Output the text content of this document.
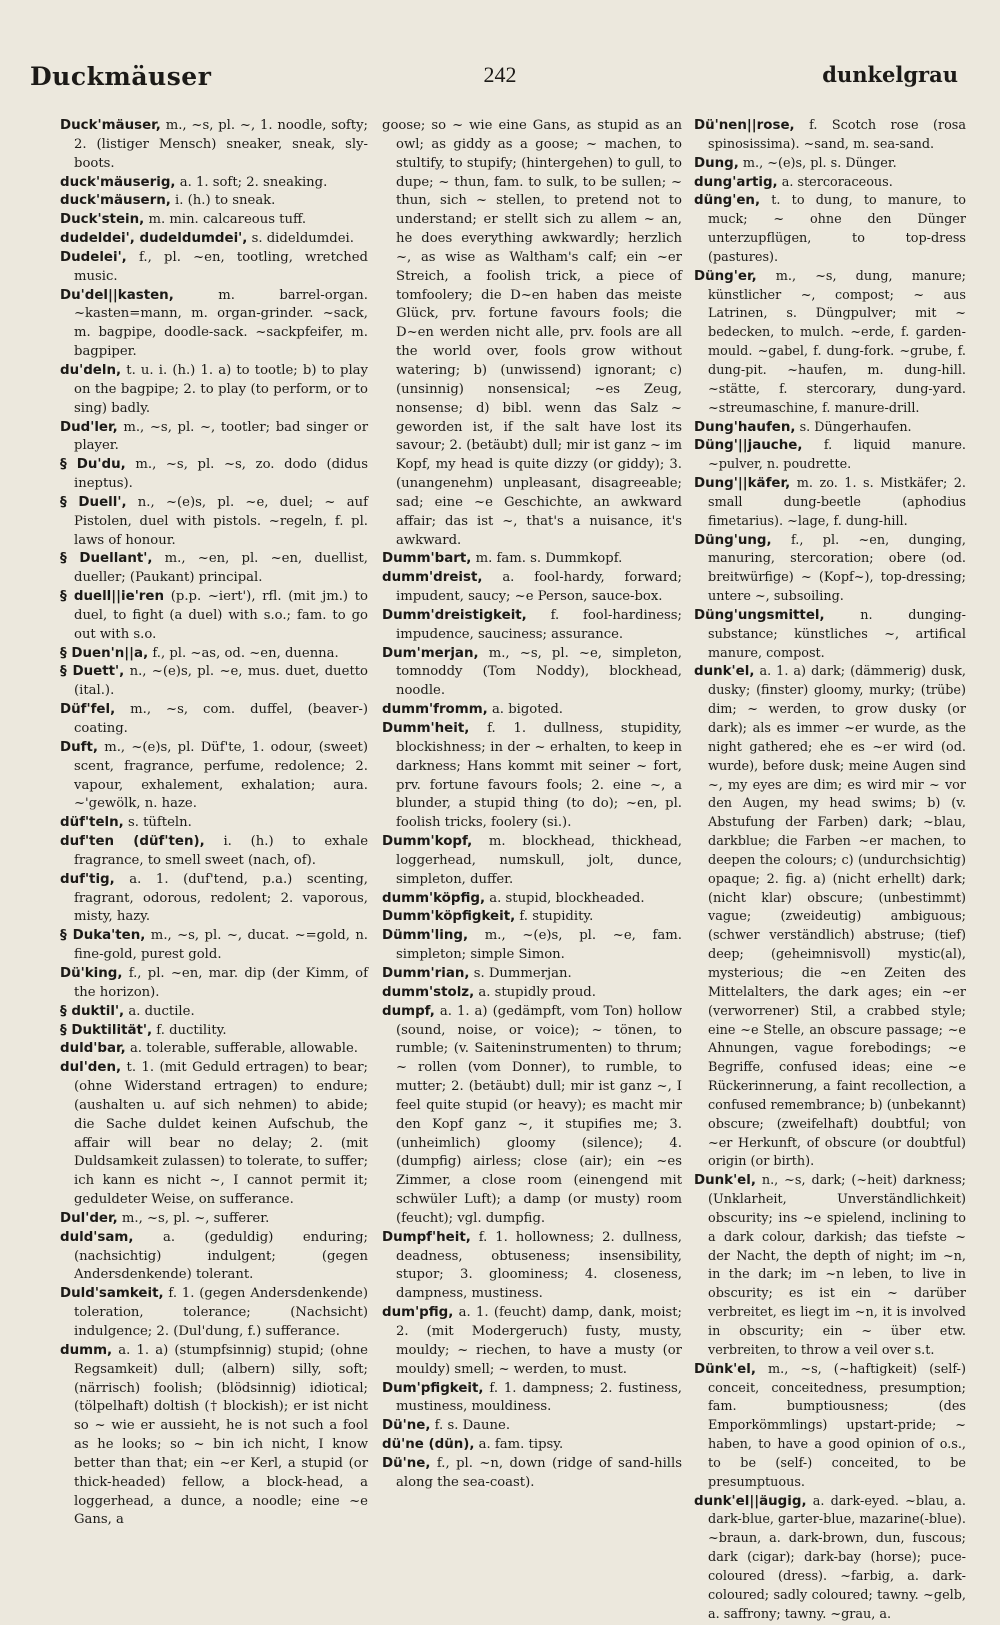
Duckmäuser	242	dunkelgrau

Duck'mäuser, m., ~s, pl. ~, 1. noodle, softy; 2. (listiger Mensch) sneaker, sneak, sly-boots.

duck'mäuserig, a. 1. soft; 2. sneaking.

duck'mäusern, i. (h.) to sneak.

Duck'stein, m. min. calcareous tuff.

dudeldei', dudeldumdei', s. dideldumdei.

Dudelei', f., pl. ~en, tootling, wretched music.

Du'del||kasten, m. barrel-organ. ~kasten=mann, m. organ-grinder. ~sack, m. bagpipe, doodle-sack. ~sackpfeifer, m. bagpiper.

du'deln, t. u. i. (h.) 1. a) to tootle; b) to play on the bagpipe; 2. to play (to perform, or to sing) badly.

Dud'ler, m., ~s, pl. ~, tootler; bad singer or player.

§ Du'du, m., ~s, pl. ~s, zo. dodo (didus ineptus).

§ Duell', n., ~(e)s, pl. ~e, duel; ~ auf Pistolen, duel with pistols. ~regeln, f. pl. laws of honour.

§ Duellant', m., ~en, pl. ~en, duellist, dueller; (Paukant) principal.

§ duell||ie'ren (p.p. ~iert'), rfl. (mit jm.) to duel, to fight (a duel) with s.o.; fam. to go out with s.o.

§ Duen'n||a, f., pl. ~as, od. ~en, duenna.

§ Duett', n., ~(e)s, pl. ~e, mus. duet, duetto (ital.).

Düf'fel, m., ~s, com. duffel, (beaver-) coating.

Duft, m., ~(e)s, pl. Düf'te, 1. odour, (sweet) scent, fragrance, perfume, redolence; 2. vapour, exhalement, exhalation; aura. ~'gewölk, n. haze.

düf'teln, s. tüfteln.

duf'ten (düf'ten), i. (h.) to exhale fragrance, to smell sweet (nach, of).

duf'tig, a. 1. (duf'tend, p.a.) scenting, fragrant, odorous, redolent; 2. vaporous, misty, hazy.

§ Duka'ten, m., ~s, pl. ~, ducat. ~=gold, n. fine-gold, purest gold.

Dü'king, f., pl. ~en, mar. dip (der Kimm, of the horizon).

§ duktil', a. ductile.

§ Duktilität', f. ductility.

duld'bar, a. tolerable, sufferable, allowable.

dul'den, t. 1. (mit Geduld ertragen) to bear; (ohne Widerstand ertragen) to endure; (aushalten u. auf sich nehmen) to abide; die Sache duldet keinen Aufschub, the affair will bear no delay; 2. (mit Duldsamkeit zulassen) to tolerate, to suffer; ich kann es nicht ~, I cannot permit it; geduldeter Weise, on sufferance.

Dul'der, m., ~s, pl. ~, sufferer.

duld'sam, a. (geduldig) enduring; (nachsichtig) indulgent; (gegen Andersdenkende) tolerant.

Duld'samkeit, f. 1. (gegen Andersdenkende) toleration, tolerance; (Nachsicht) indulgence; 2. (Dul'dung, f.) sufferance.

dumm, a. 1. a) (stumpfsinnig) stupid; (ohne Regsamkeit) dull; (albern) silly, soft; (närrisch) foolish; (blödsinnig) idiotical; (tölpelhaft) doltish († blockish); er ist nicht so ~ wie er aussieht, he is not such a fool as he looks; so ~ bin ich nicht, I know better than that; ein ~er Kerl, a stupid (or thick-headed) fellow, a block-head, a loggerhead, a dunce, a noodle; eine ~e Gans, a

goose; so ~ wie eine Gans, as stupid as an owl; as giddy as a goose; ~ machen, to stultify, to stupify; (hintergehen) to gull, to dupe; ~ thun, fam. to sulk, to be sullen; ~ thun, sich ~ stellen, to pretend not to understand; er stellt sich zu allem ~ an, he does everything awkwardly; herzlich ~, as wise as Waltham's calf; ein ~er Streich, a foolish trick, a piece of tomfoolery; die D~en haben das meiste Glück, prv. fortune favours fools; die D~en werden nicht alle, prv. fools are all the world over, fools grow without watering; b) (unwissend) ignorant; c) (unsinnig) nonsensical; ~es Zeug, nonsense; d) bibl. wenn das Salz ~ geworden ist, if the salt have lost its savour; 2. (betäubt) dull; mir ist ganz ~ im Kopf, my head is quite dizzy (or giddy); 3. (unangenehm) unpleasant, disagreeable; sad; eine ~e Geschichte, an awkward affair; das ist ~, that's a nuisance, it's awkward.

Dumm'bart, m. fam. s. Dummkopf.

dumm'dreist, a. fool-hardy, forward; impudent, saucy; ~e Person, sauce-box.

Dumm'dreistigkeit, f. fool-hardiness; impudence, sauciness; assurance.

Dum'merjan, m., ~s, pl. ~e, simpleton, tomnoddy (Tom Noddy), blockhead, noodle.

dumm'fromm, a. bigoted.

Dumm'heit, f. 1. dullness, stupidity, blockishness; in der ~ erhalten, to keep in darkness; Hans kommt mit seiner ~ fort, prv. fortune favours fools; 2. eine ~, a blunder, a stupid thing (to do); ~en, pl. foolish tricks, foolery (si.).

Dumm'kopf, m. blockhead, thickhead, loggerhead, numskull, jolt, dunce, simpleton, duffer.

dumm'köpfig, a. stupid, blockheaded.

Dumm'köpfigkeit, f. stupidity.

Dümm'ling, m., ~(e)s, pl. ~e, fam. simpleton; simple Simon.

Dumm'rian, s. Dummerjan.

dumm'stolz, a. stupidly proud.

dumpf, a. 1. a) (gedämpft, vom Ton) hollow (sound, noise, or voice); ~ tönen, to rumble; (v. Saiteninstrumenten) to thrum; ~ rollen (vom Donner), to rumble, to mutter; 2. (betäubt) dull; mir ist ganz ~, I feel quite stupid (or heavy); es macht mir den Kopf ganz ~, it stupifies me; 3. (unheimlich) gloomy (silence); 4. (dumpfig) airless; close (air); ein ~es Zimmer, a close room (einengend mit schwüler Luft); a damp (or musty) room (feucht); vgl. dumpfig.

Dumpf'heit, f. 1. hollowness; 2. dullness, deadness, obtuseness; insensibility, stupor; 3. gloominess; 4. closeness, dampness, mustiness.

dum'pfig, a. 1. (feucht) damp, dank, moist; 2. (mit Modergeruch) fusty, musty, mouldy; ~ riechen, to have a musty (or mouldy) smell; ~ werden, to must.

Dum'pfigkeit, f. 1. dampness; 2. fustiness, mustiness, mouldiness.

Dü'ne, f. s. Daune.

dü'ne (dün), a. fam. tipsy.

Dü'ne, f., pl. ~n, down (ridge of sand-hills along the sea-coast).

Dü'nen||rose, f. Scotch rose (rosa spinosissima). ~sand, m. sea-sand.

Dung, m., ~(e)s, pl. s. Dünger.

dung'artig, a. stercoraceous.

düng'en, t. to dung, to manure, to muck; ~ ohne den Dünger unterzupflügen, to top-dress (pastures).

Düng'er, m., ~s, dung, manure; künstlicher ~, compost; ~ aus Latrinen, s. Düngpulver; mit ~ bedecken, to mulch. ~erde, f. garden-mould. ~gabel, f. dung-fork. ~grube, f. dung-pit. ~haufen, m. dung-hill. ~stätte, f. stercorary, dung-yard. ~streumaschine, f. manure-drill.

Dung'haufen, s. Düngerhaufen.

Düng'||jauche, f. liquid manure. ~pulver, n. poudrette.

Dung'||käfer, m. zo. 1. s. Mistkäfer; 2. small dung-beetle (aphodius fimetarius). ~lage, f. dung-hill.

Düng'ung, f., pl. ~en, dunging, manuring, stercoration; obere (od. breitwürfige) ~ (Kopf~), top-dressing; untere ~, subsoiling.

Düng'ungsmittel, n. dunging-substance; künstliches ~, artifical manure, compost.

dunk'el, a. 1. a) dark; (dämmerig) dusk, dusky; (finster) gloomy, murky; (trübe) dim; ~ werden, to grow dusky (or dark); als es immer ~er wurde, as the night gathered; ehe es ~er wird (od. wurde), before dusk; meine Augen sind ~, my eyes are dim; es wird mir ~ vor den Augen, my head swims; b) (v. Abstufung der Farben) dark; ~blau, darkblue; die Farben ~er machen, to deepen the colours; c) (undurchsichtig) opaque; 2. fig. a) (nicht erhellt) dark; (nicht klar) obscure; (unbestimmt) vague; (zweideutig) ambiguous; (schwer verständlich) abstruse; (tief) deep; (geheimnisvoll) mystic(al), mysterious; die ~en Zeiten des Mittelalters, the dark ages; ein ~er (verworrener) Stil, a crabbed style; eine ~e Stelle, an obscure passage; ~e Ahnungen, vague forebodings; ~e Begriffe, confused ideas; eine ~e Rückerinnerung, a faint recollection, a confused remembrance; b) (unbekannt) obscure; (zweifelhaft) doubtful; von ~er Herkunft, of obscure (or doubtful) origin (or birth).

Dunk'el, n., ~s, dark; (~heit) darkness; (Unklarheit, Unverständlichkeit) obscurity; ins ~e spielend, inclining to a dark colour, darkish; das tiefste ~ der Nacht, the depth of night; im ~n, in the dark; im ~n leben, to live in obscurity; es ist ein ~ darüber verbreitet, es liegt im ~n, it is involved in obscurity; ein ~ über etw. verbreiten, to throw a veil over s.t.

Dünk'el, m., ~s, (~haftigkeit) (self-) conceit, conceitedness, presumption; fam. bumptiousness; (des Emporkömmlings) upstart-pride; ~ haben, to have a good opinion of o.s., to be (self-) conceited, to be presumptuous.

dunk'el||äugig, a. dark-eyed. ~blau, a. dark-blue, garter-blue, mazarine(-blue). ~braun, a. dark-brown, dun, fuscous; dark (cigar); dark-bay (horse); puce-coloured (dress). ~farbig, a. dark-coloured; sadly coloured; tawny. ~gelb, a. saffrony; tawny. ~grau, a.
